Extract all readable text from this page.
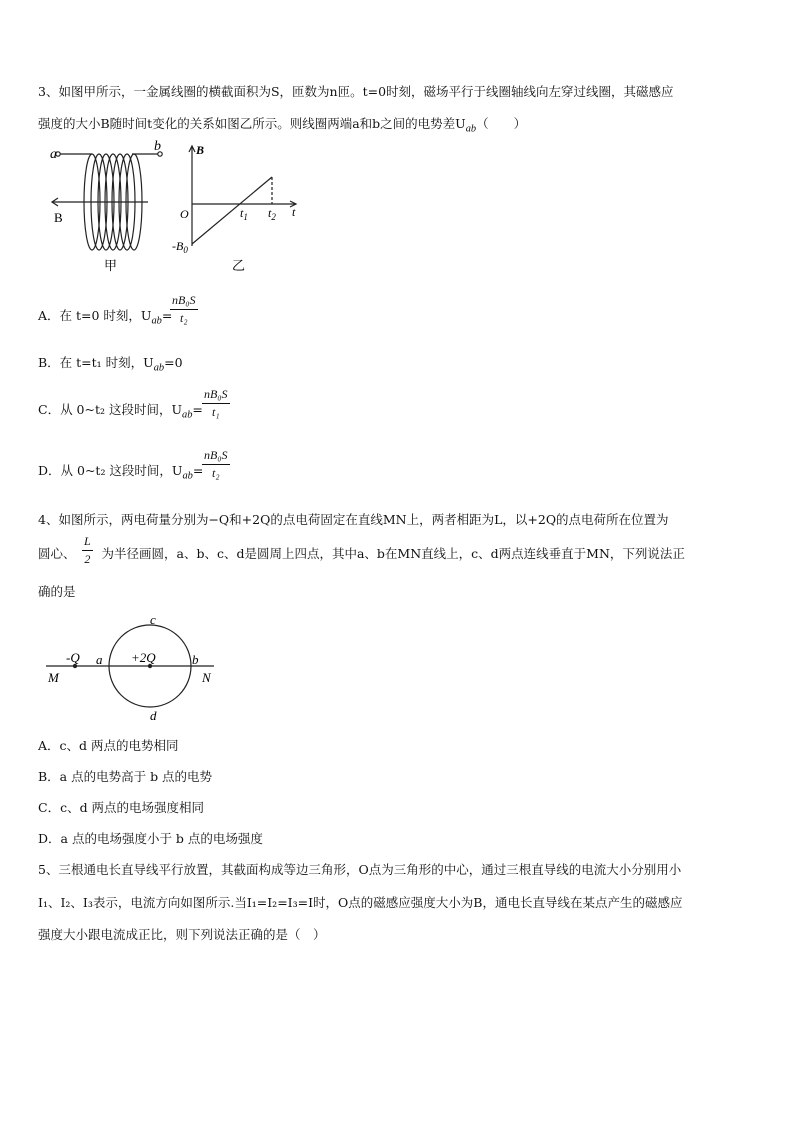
3、如图甲所示，一金属线圈的横截面积为S，匝数为n匝。t=0时刻，磁场平行于线圈轴线向左穿过线圈，其磁感应
强度的大小B随时间t变化的关系如图乙所示。则线圈两端a和b之间的电势差$U_{ab}$（　　）
a
b
B
甲
B
O	$t_1$ $t_2$ t
$-B_0$
乙
A．在 t=0 时刻，$U_{ab}=$
nB₀S
t₂
B．在 t=t₁ 时刻，$U_{ab}=0$
C．从 0~t₂ 这段时间，$U_{ab}=$
nB₀S
t₁
D．从 0~t₂ 这段时间，$U_{ab}=$
nB₀S
t₂
4、如图所示，两电荷量分别为−Q和+2Q的点电荷固定在直线MN上，两者相距为L，以+2Q的点电荷所在位置为
圆心、 为半径画圆，a、b、c、d是圆周上四点，其中a、b在MN直线上，c、d两点连线垂直于MN，下列说法正
L
2
确的是
c
-Q a +2Q	b
M	N
d
A．c、d 两点的电势相同
B．a 点的电势高于 b 点的电势
C．c、d 两点的电场强度相同
D．a 点的电场强度小于 b 点的电场强度
5、三根通电长直导线平行放置，其截面构成等边三角形，O点为三角形的中心，通过三根直导线的电流大小分别用小
I₁、I₂、I₃表示，电流方向如图所示.当I₁=I₂=I₃=I时，O点的磁感应强度大小为B，通电长直导线在某点产生的磁感应
强度大小跟电流成正比，则下列说法正确的是（　）
